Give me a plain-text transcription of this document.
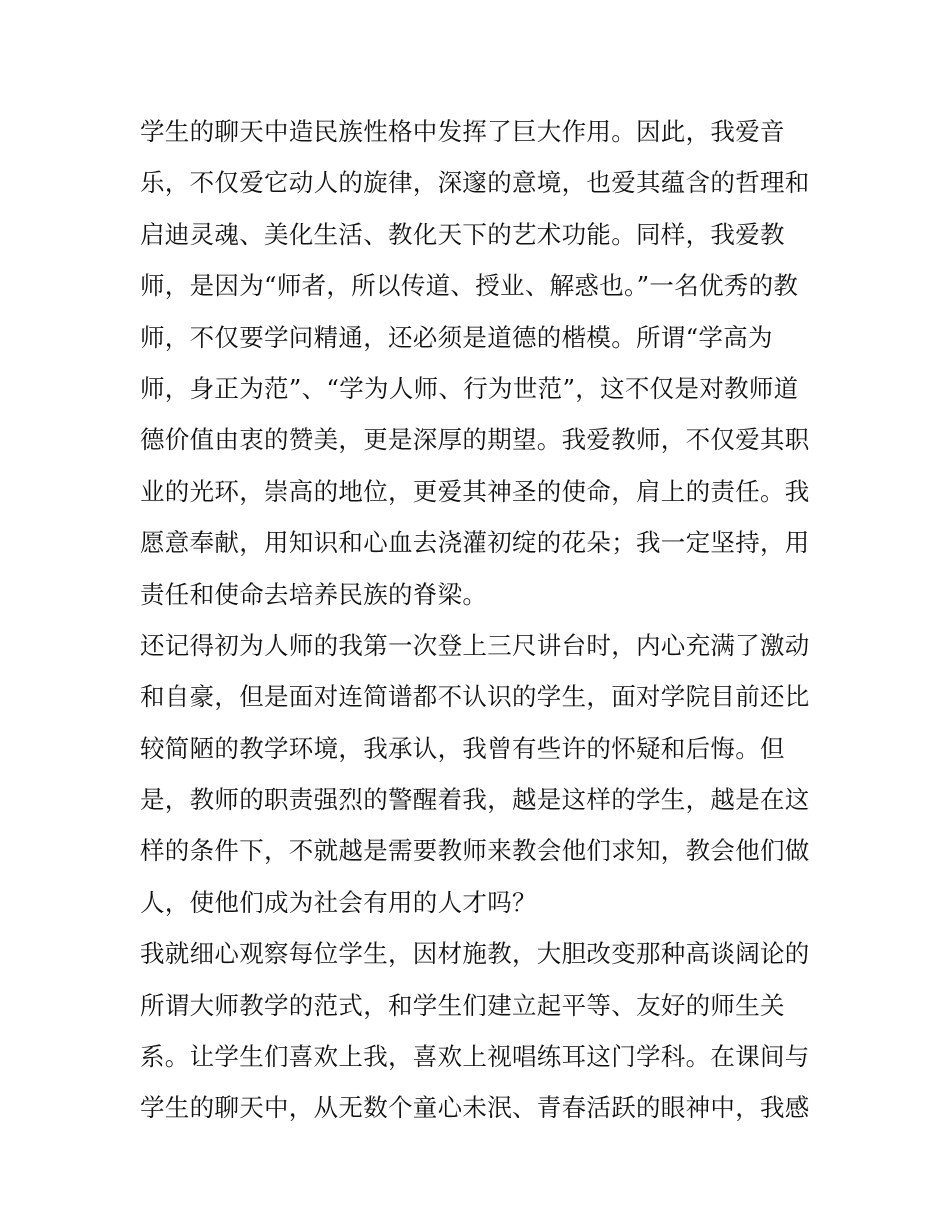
学生的聊天中造民族性格中发挥了巨大作用。因此，我爱音
乐，不仅爱它动人的旋律，深邃的意境，也爱其蕴含的哲理和
启迪灵魂、美化生活、教化天下的艺术功能。同样，我爱教
师，是因为“师者，所以传道、授业、解惑也。”一名优秀的教
师，不仅要学问精通，还必须是道德的楷模。所谓“学高为
师，身正为范”、“学为人师、行为世范”，这不仅是对教师道
德价值由衷的赞美，更是深厚的期望。我爱教师，不仅爱其职
业的光环，崇高的地位，更爱其神圣的使命，肩上的责任。我
愿意奉献，用知识和心血去浇灌初绽的花朵；我一定坚持，用
责任和使命去培养民族的脊梁。
还记得初为人师的我第一次登上三尺讲台时，内心充满了激动
和自豪，但是面对连简谱都不认识的学生，面对学院目前还比
较简陋的教学环境，我承认，我曾有些许的怀疑和后悔。但
是，教师的职责强烈的警醒着我，越是这样的学生，越是在这
样的条件下，不就越是需要教师来教会他们求知，教会他们做
人，使他们成为社会有用的人才吗？
我就细心观察每位学生，因材施教，大胆改变那种高谈阔论的
所谓大师教学的范式，和学生们建立起平等、友好的师生关
系。让学生们喜欢上我，喜欢上视唱练耳这门学科。在课间与
学生的聊天中，从无数个童心未泯、青春活跃的眼神中，我感
